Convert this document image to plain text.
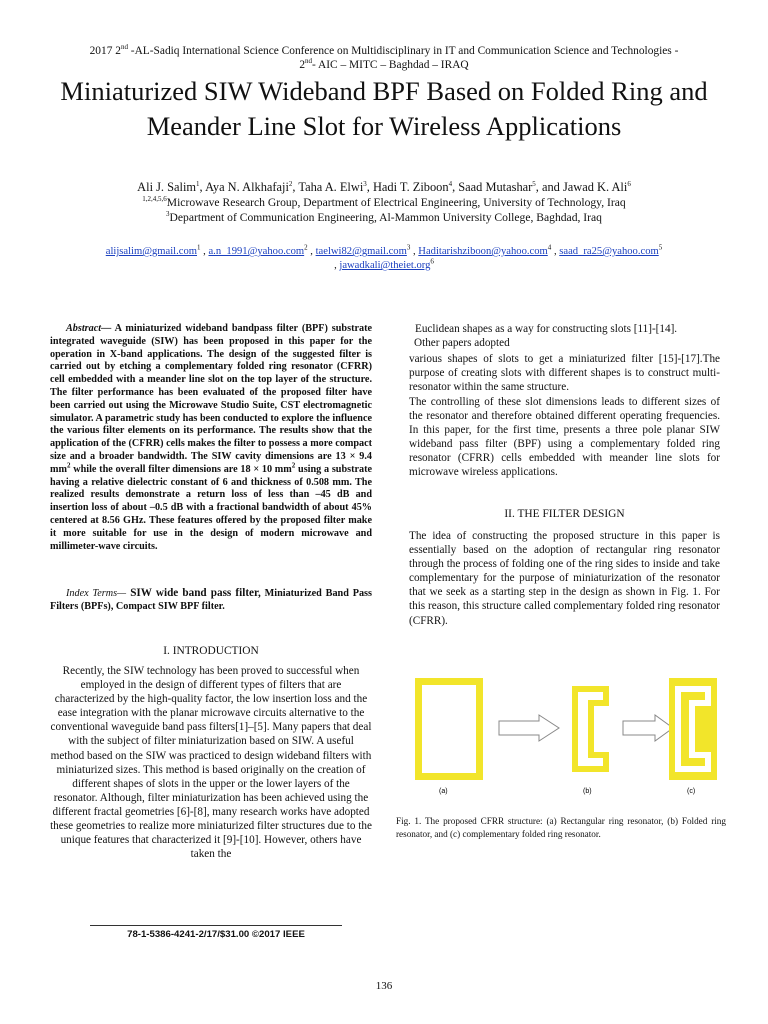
2017 2nd -AL-Sadiq International Science Conference on Multidisciplinary in IT and Communication Science and Technologies -
2nd- AIC – MITC – Baghdad – IRAQ
Miniaturized SIW Wideband BPF Based on Folded Ring and Meander Line Slot for Wireless Applications
Ali J. Salim$^1$, Aya N. Alkhafaji$^2$, Taha A. Elwi$^3$, Hadi T. Ziboon$^4$, Saad Mutashar$^5$, and Jawad K. Ali$^6$
$^{1,2,4,5,6}$Microwave Research Group, Department of Electrical Engineering, University of Technology, Iraq
$^3$Department of Communication Engineering, Al-Mammon University College, Baghdad, Iraq
alijsalim@gmail.com$^1$ , a.n_1991@yahoo.com$^2$ , taelwi82@gmail.com$^3$ , Haditarishziboon@yahoo.com$^4$ , saad_ra25@yahoo.com$^5$
, jawadkali@theiet.org$^6$
Abstract— A miniaturized wideband bandpass filter (BPF) substrate integrated waveguide (SIW) has been proposed in this paper for the operation in X-band applications. The design of the suggested filter is carried out by etching a complementary folded ring resonator (CFRR) cell embedded with a meander line slot on the top layer of the structure. The filter performance has been evaluated of the proposed filter have been carried out using the Microwave Studio Suite, CST electromagnetic simulator. A parametric study has been conducted to explore the influence the various filter elements on its performance. The results show that the application of the (CFRR) cells makes the filter to possess a more compact size and a broader bandwidth. The SIW cavity dimensions are 13 × 9.4 $mm^2$ while the overall filter dimensions are 18 × 10 $mm^2$ using a substrate having a relative dielectric constant of 6 and thickness of 0.508 mm. The realized results demonstrate a return loss of less than –45 dB and insertion loss of about –0.5 dB with a fractional bandwidth of about 45% centered at 8.56 GHz. These features offered by the proposed filter make it more suitable for use in the design of modern microwave and millimeter-wave circuits.
Index Terms— SIW wide band pass filter, Miniaturized Band Pass Filters (BPFs), Compact SIW BPF filter.
I. INTRODUCTION
Recently, the SIW technology has been proved to successful when employed in the design of different types of filters that are characterized by the high-quality factor, the low insertion loss and the ease integration with the planar microwave circuits alternative to the conventional waveguide band pass filters[1]–[5]. Many papers that deal with the subject of filter miniaturization based on SIW. A useful method based on the SIW was practiced to design wideband filters with miniaturized sizes. This method is based originally on the creation of different shapes of slots in the upper or the lower layers of the resonator. Although, filter miniaturization has been achieved using the different fractal geometries [6]-[8], many research works have adopted these geometries to realize more miniaturized filter structures due to the unique features that characterized it [9]-[10]. However, others have taken the
Euclidean shapes as a way for constructing slots [11]-[14].
Other papers adopted
various shapes of slots to get a miniaturized filter [15]-[17].The purpose of creating slots with different shapes is to construct multi-resonator within the same structure.
The controlling of these slot dimensions leads to different sizes of the resonator and therefore obtained different operating frequencies. In this paper, for the first time, presents a three pole planar SIW wideband pass filter (BPF) using a complementary folded ring resonator (CFRR) cells embedded with meander line slots for microwave wireless applications.
II. THE FILTER DESIGN
The idea of constructing the proposed structure in this paper is essentially based on the adoption of rectangular ring resonator through the process of folding one of the ring sides to inside and take complementary for the purpose of miniaturization of the resonator that we seek as a starting step in the design as shown in Fig. 1. For this reason, this structure called complementary folded ring resonator (CFRR).
(a)	(b)	(c)
Fig. 1. The proposed CFRR structure: (a) Rectangular ring resonator, (b) Folded ring resonator, and (c) complementary folded ring resonator.
78-1-5386-4241-2/17/$31.00 ©2017 IEEE
136
